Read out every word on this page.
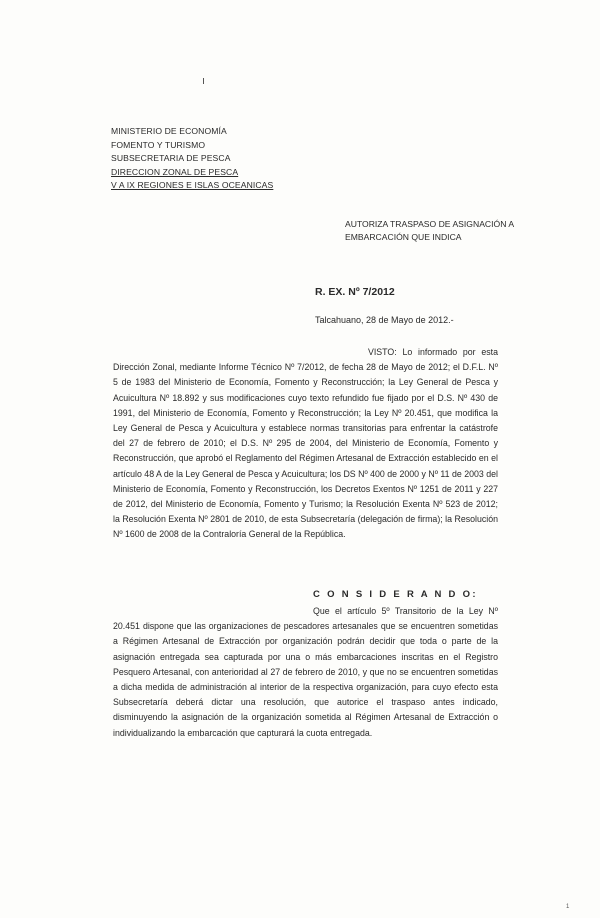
MINISTERIO DE ECONOMÍA
FOMENTO Y TURISMO
SUBSECRETARIA DE PESCA
DIRECCION ZONAL DE PESCA
V A IX REGIONES E ISLAS OCEANICAS
AUTORIZA TRASPASO DE ASIGNACIÓN A
EMBARCACIÓN QUE INDICA
R. EX. Nº 7/2012
Talcahuano, 28 de Mayo de 2012.-
VISTO: Lo informado por esta Dirección Zonal, mediante Informe Técnico Nº 7/2012, de fecha 28 de Mayo de 2012; el D.F.L. Nº 5 de 1983 del Ministerio de Economía, Fomento y Reconstrucción; la Ley General de Pesca y Acuicultura Nº 18.892 y sus modificaciones cuyo texto refundido fue fijado por el D.S. Nº 430 de 1991, del Ministerio de Economía, Fomento y Reconstrucción; la Ley Nº 20.451, que modifica la Ley General de Pesca y Acuicultura y establece normas transitorias para enfrentar la catástrofe del 27 de febrero de 2010; el D.S. Nº 295 de 2004, del Ministerio de Economía, Fomento y Reconstrucción, que aprobó el Reglamento del Régimen Artesanal de Extracción establecido en el artículo 48 A de la Ley General de Pesca y Acuicultura; los DS Nº 400 de 2000 y Nº 11 de 2003 del Ministerio de Economía, Fomento y Reconstrucción, los Decretos Exentos Nº 1251 de 2011 y 227 de 2012, del Ministerio de Economía, Fomento y Turismo; la Resolución Exenta Nº 523 de 2012; la Resolución Exenta Nº 2801 de 2010, de esta Subsecretaría (delegación de firma); la Resolución Nº 1600 de 2008 de la Contraloría General de la República.
C O N S I D E R A N D O:
Que el artículo 5º Transitorio de la Ley Nº 20.451 dispone que las organizaciones de pescadores artesanales que se encuentren sometidas a Régimen Artesanal de Extracción por organización podrán decidir que toda o parte de la asignación entregada sea capturada por una o más embarcaciones inscritas en el Registro Pesquero Artesanal, con anterioridad al 27 de febrero de 2010, y que no se encuentren sometidas a dicha medida de administración al interior de la respectiva organización, para cuyo efecto esta Subsecretaría deberá dictar una resolución, que autorice el traspaso antes indicado, disminuyendo la asignación de la organización sometida al Régimen Artesanal de Extracción o individualizando la embarcación que capturará la cuota entregada.
1
